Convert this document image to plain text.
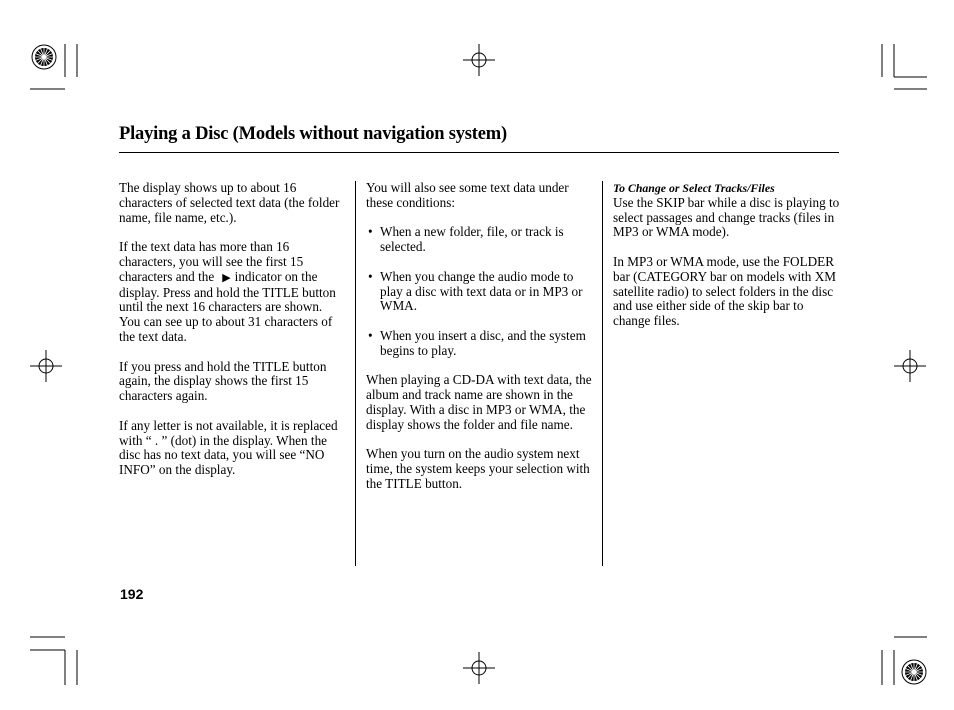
Playing a Disc (Models without navigation system)

The display shows up to about 16 characters of selected text data (the folder name, file name, etc.).

If the text data has more than 16 characters, you will see the first 15 characters and the ▶ indicator on the display. Press and hold the TITLE button until the next 16 characters are shown. You can see up to about 31 characters of the text data.

If you press and hold the TITLE button again, the display shows the first 15 characters again.

If any letter is not available, it is replaced with “ . ” (dot) in the display. When the disc has no text data, you will see “NO INFO” on the display.

You will also see some text data under these conditions:

• When a new folder, file, or track is selected.
• When you change the audio mode to play a disc with text data or in MP3 or WMA.
• When you insert a disc, and the system begins to play.

When playing a CD-DA with text data, the album and track name are shown in the display. With a disc in MP3 or WMA, the display shows the folder and file name.

When you turn on the audio system next time, the system keeps your selection with the TITLE button.

To Change or Select Tracks/Files

Use the SKIP bar while a disc is playing to select passages and change tracks (files in MP3 or WMA mode).

In MP3 or WMA mode, use the FOLDER bar (CATEGORY bar on models with XM satellite radio) to select folders in the disc and use either side of the skip bar to change files.

192
